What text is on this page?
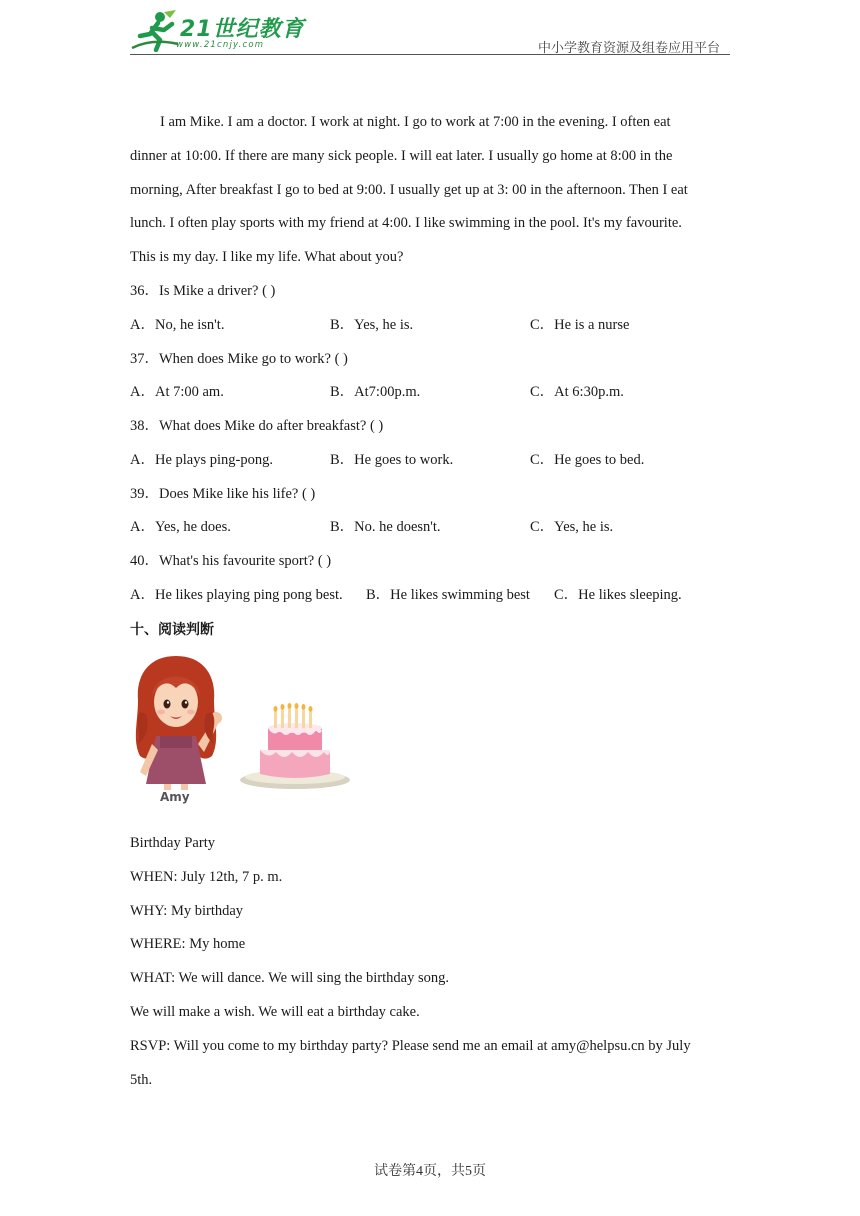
21世纪教育
www.21cnjy.com	中小学教育资源及组卷应用平台
I am Mike. I am a doctor. I work at night. I go to work at 7:00 in the evening. I often eat
dinner at 10:00. If there are many sick people. I will eat later. I usually go home at 8:00 in the
morning, After breakfast I go to bed at 9:00. I usually get up at 3: 00 in the afternoon. Then I eat
lunch. I often play sports with my friend at 4:00. I like swimming in the pool. It's my favourite.
This is my day. I like my life. What about you?
36．Is Mike a driver? ( )
A．No, he isn't.	B．Yes, he is.	C．He is a nurse
37．When does Mike go to work? ( )
A．At 7:00 am.	B．At7:00p.m.	C．At 6:30p.m.
38．What does Mike do after breakfast? ( )
A．He plays ping-pong.	B．He goes to work.	C．He goes to bed.
39．Does Mike like his life? ( )
A．Yes, he does.	B．No. he doesn't.	C．Yes, he is.
40．What's his favourite sport? ( )
A．He likes playing ping pong best. B．He likes swimming best C．He likes sleeping.
十、阅读判断
Amy
Birthday Party
WHEN: July 12th, 7 p. m.
WHY: My birthday
WHERE: My home
WHAT: We will dance. We will sing the birthday song.
We will make a wish. We will eat a birthday cake.
RSVP: Will you come to my birthday party? Please send me an email at amy@helpsu.cn by July
5th.
试卷第4页，共5页
